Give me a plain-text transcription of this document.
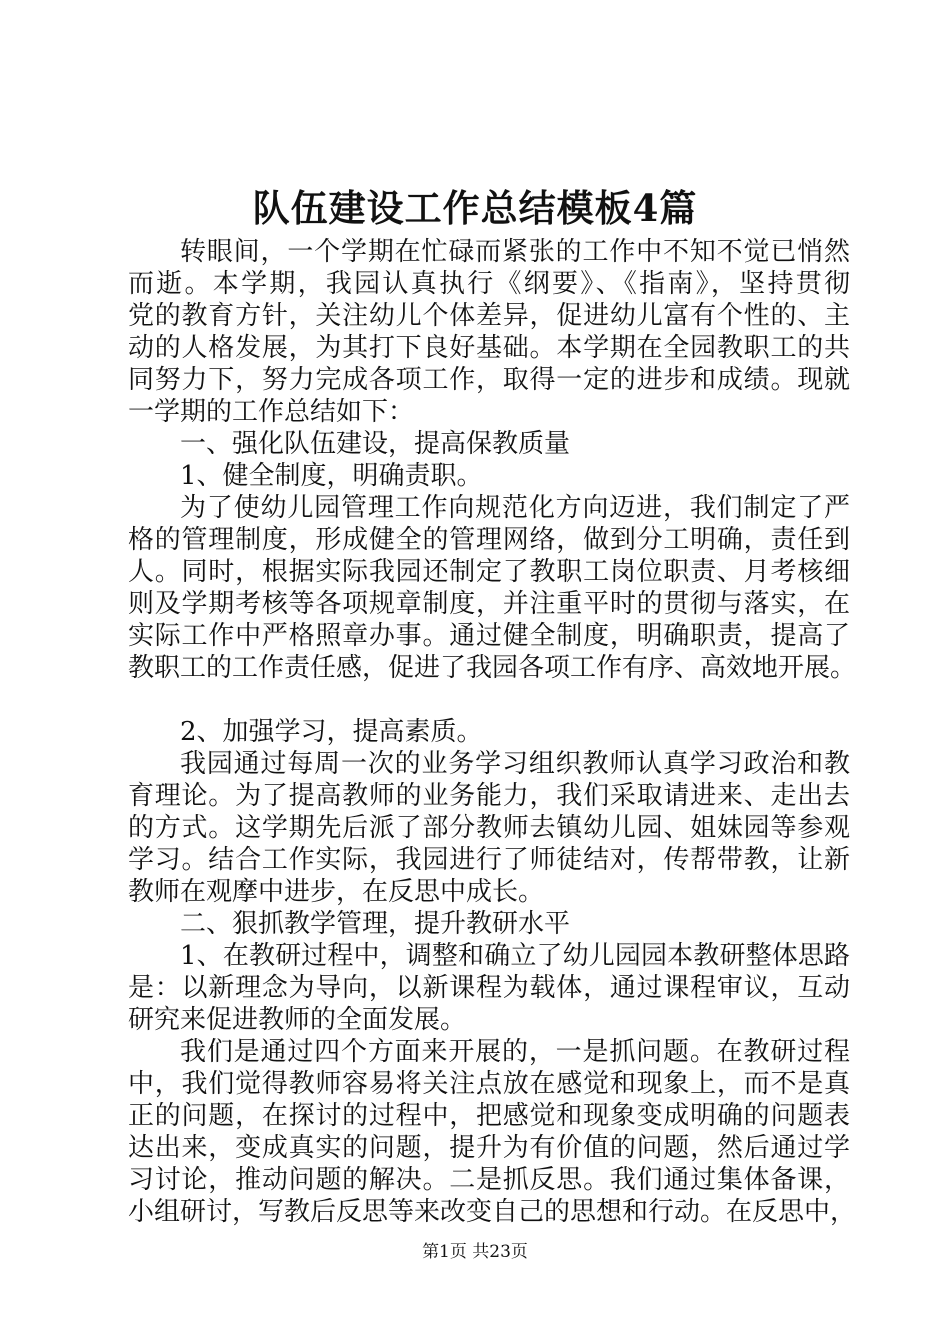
队伍建设工作总结模板4篇
转眼间，一个学期在忙碌而紧张的工作中不知不觉已悄然
而逝。本学期，我园认真执行《纲要》、《指南》，坚持贯彻
党的教育方针，关注幼儿个体差异，促进幼儿富有个性的、主
动的人格发展，为其打下良好基础。本学期在全园教职工的共
同努力下，努力完成各项工作，取得一定的进步和成绩。现就
一学期的工作总结如下：
一、强化队伍建设，提高保教质量
1、健全制度，明确责职。
为了使幼儿园管理工作向规范化方向迈进，我们制定了严
格的管理制度，形成健全的管理网络，做到分工明确，责任到
人。同时，根据实际我园还制定了教职工岗位职责、月考核细
则及学期考核等各项规章制度，并注重平时的贯彻与落实，在
实际工作中严格照章办事。通过健全制度，明确职责，提高了
教职工的工作责任感，促进了我园各项工作有序、高效地开展。
2、加强学习，提高素质。
我园通过每周一次的业务学习组织教师认真学习政治和教
育理论。为了提高教师的业务能力，我们采取请进来、走出去
的方式。这学期先后派了部分教师去镇幼儿园、姐妹园等参观
学习。结合工作实际，我园进行了师徒结对，传帮带教，让新
教师在观摩中进步，在反思中成长。
二、狠抓教学管理，提升教研水平
1、在教研过程中，调整和确立了幼儿园园本教研整体思路
是：以新理念为导向，以新课程为载体，通过课程审议，互动
研究来促进教师的全面发展。
我们是通过四个方面来开展的，一是抓问题。在教研过程
中，我们觉得教师容易将关注点放在感觉和现象上，而不是真
正的问题，在探讨的过程中，把感觉和现象变成明确的问题表
达出来，变成真实的问题，提升为有价值的问题，然后通过学
习讨论，推动问题的解决。二是抓反思。我们通过集体备课，
小组研讨，写教后反思等来改变自己的思想和行动。在反思中，
第1页 共23页
